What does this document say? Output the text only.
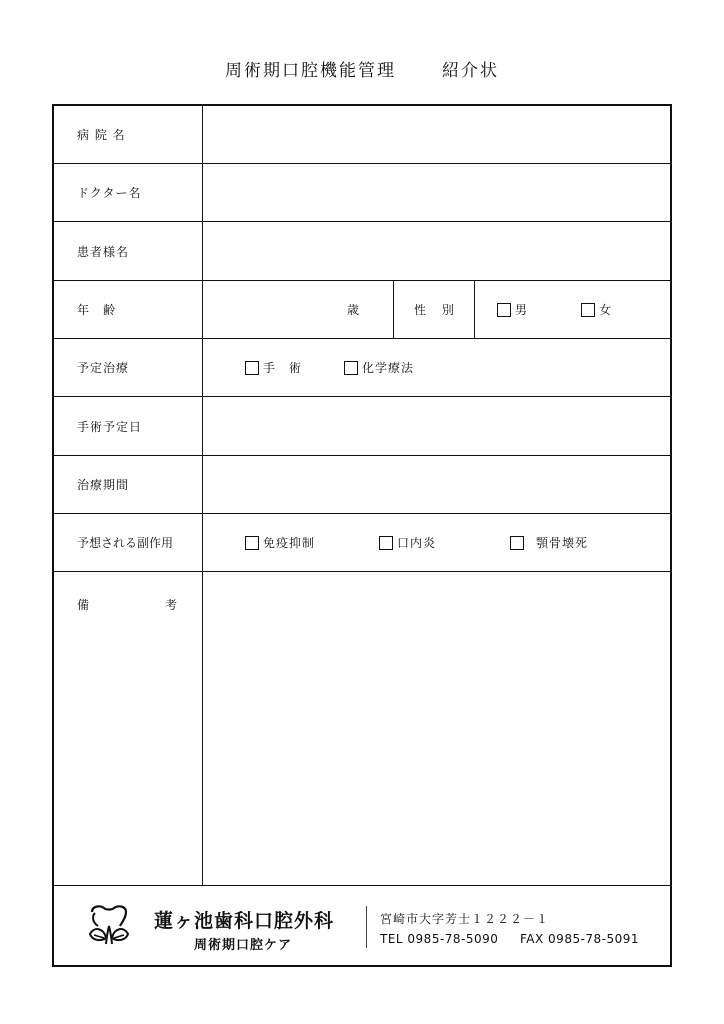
周術期口腔機能管理	紹介状
病 院 名
ドクター名
患者様名
年　齢	歳	性 別	男	女
予定治療	手　術	化学療法
手術予定日
治療期間
予想される副作用	免疫抑制	口内炎	顎骨壊死
備	考
蓮ヶ池歯科口腔外科
周術期口腔ケア
宮崎市大字芳士１２２２－１
TEL 0985-78-5090 FAX 0985-78-5091
